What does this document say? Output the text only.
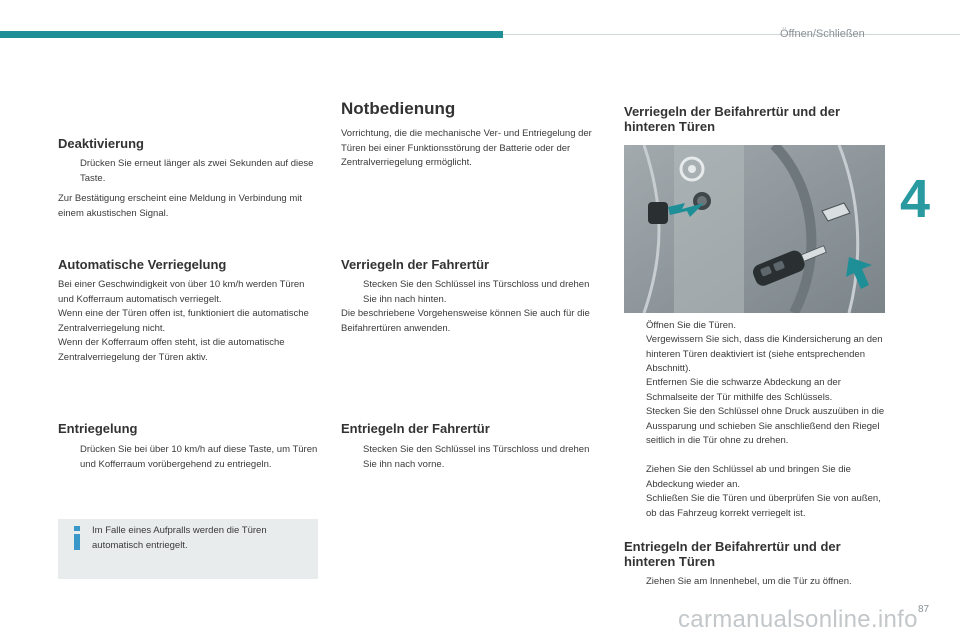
Öffnen/Schließen
4
Deaktivierung
Drücken Sie erneut länger als zwei Sekunden auf diese Taste.

Zur Bestätigung erscheint eine Meldung in Verbindung mit einem akustischen Signal.

Automatische Verriegelung

Bei einer Geschwindigkeit von über 10 km/h werden Türen und Kofferraum automatisch verriegelt.

Wenn eine der Türen offen ist, funktioniert die automatische Zentralverriegelung nicht.

Wenn der Kofferraum offen steht, ist die automatische Zentralverriegelung der Türen aktiv.

Entriegelung
Drücken Sie bei über 10 km/h auf diese Taste, um Türen und Kofferraum vorübergehend zu entriegeln.
Im Falle eines Aufpralls werden die Türen automatisch entriegelt.
Notbedienung

Vorrichtung, die die mechanische Ver- und Entriegelung der Türen bei einer Funktionsstörung der Batterie oder der Zentralverriegelung ermöglicht.

Verriegeln der Fahrertür
Stecken Sie den Schlüssel ins Türschloss und drehen Sie ihn nach hinten.

Die beschriebene Vorgehensweise können Sie auch für die Beifahrertüren anwenden.

Entriegeln der Fahrertür
Stecken Sie den Schlüssel ins Türschloss und drehen Sie ihn nach vorne.
Verriegeln der Beifahrertür und der
hinteren Türen
Öffnen Sie die Türen.
Vergewissern Sie sich, dass die Kindersicherung an den hinteren Türen deaktiviert ist (siehe entsprechenden Abschnitt).
Entfernen Sie die schwarze Abdeckung an der Schmalseite der Tür mithilfe des Schlüssels.
Stecken Sie den Schlüssel ohne Druck auszuüben in die Aussparung und schieben Sie anschließend den Riegel seitlich in die Tür ohne zu drehen.
Ziehen Sie den Schlüssel ab und bringen Sie die Abdeckung wieder an.
Schließen Sie die Türen und überprüfen Sie von außen, ob das Fahrzeug korrekt verriegelt ist.
Entriegeln der Beifahrertür und der
hinteren Türen
Ziehen Sie am Innenhebel, um die Tür zu öffnen.
carmanualsonline.info 87
